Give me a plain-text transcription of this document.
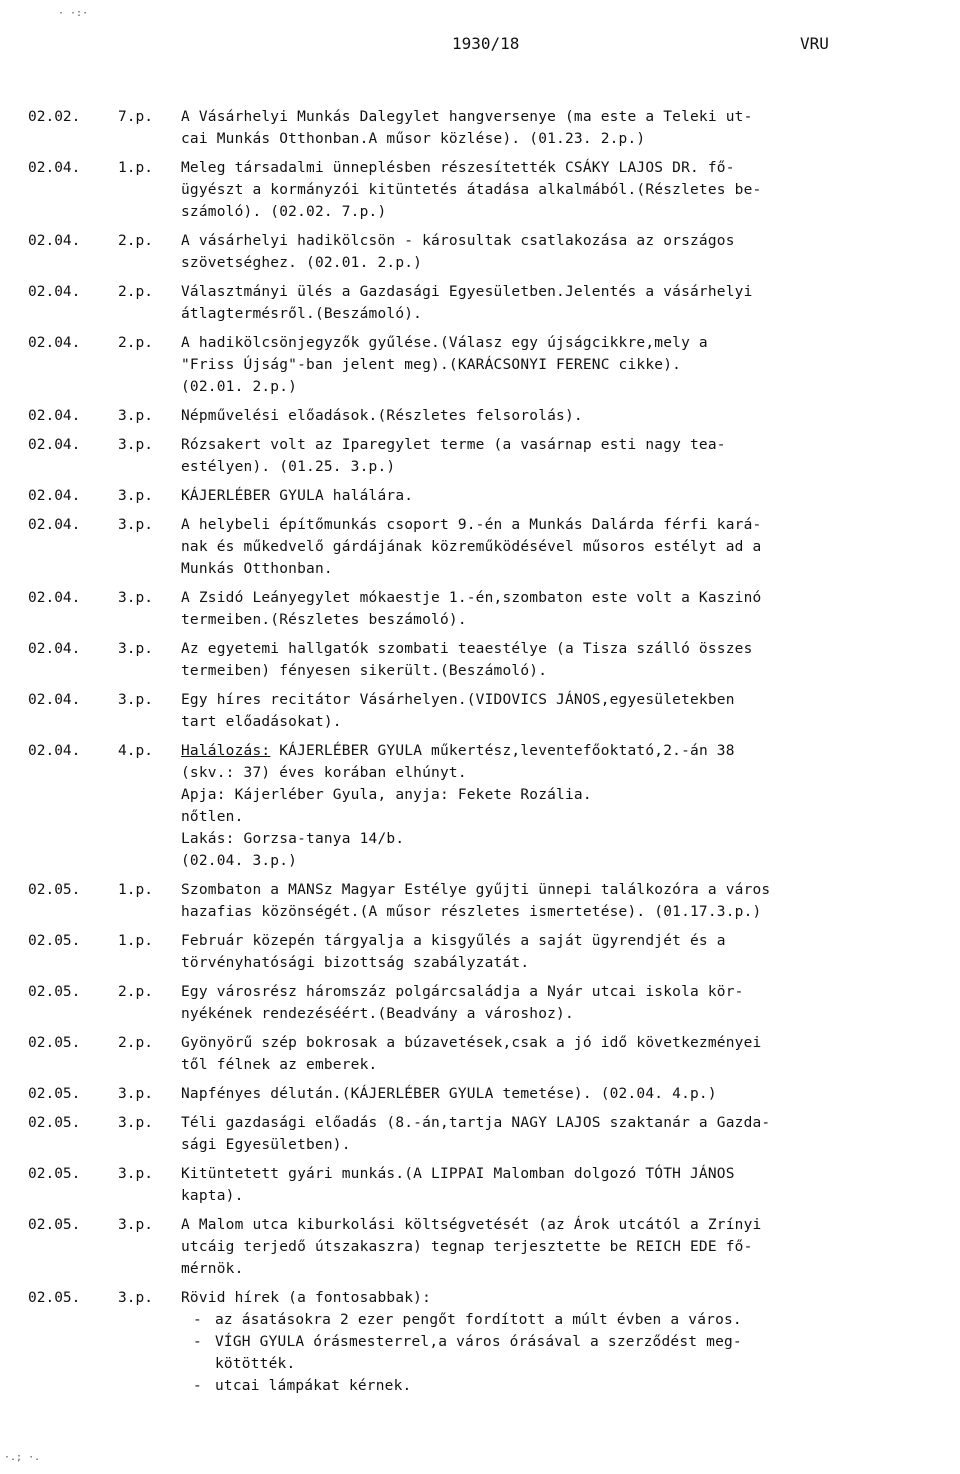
· ·:·
1930/18	VRU
02.02.	7.p.	A Vásárhelyi Munkás Dalegylet hangversenye (ma este a Teleki ut-
cai Munkás Otthonban.A műsor közlése). (01.23. 2.p.)
02.04.	1.p.	Meleg társadalmi ünneplésben részesítették CSÁKY LAJOS DR. fő-
ügyészt a kormányzói kitüntetés átadása alkalmából.(Részletes be-
számoló). (02.02. 7.p.)
02.04.	2.p.	A vásárhelyi hadikölcsön - károsultak csatlakozása az országos
szövetséghez. (02.01. 2.p.)
02.04.	2.p.	Választmányi ülés a Gazdasági Egyesületben.Jelentés a vásárhelyi
átlagtermésről.(Beszámoló).
02.04.	2.p.	A hadikölcsönjegyzők gyűlése.(Válasz egy újságcikkre,mely a
"Friss Újság"-ban jelent meg).(KARÁCSONYI FERENC cikke).
(02.01. 2.p.)
02.04.	3.p.	Népművelési előadások.(Részletes felsorolás).
02.04.	3.p.	Rózsakert volt az Iparegylet terme (a vasárnap esti nagy tea-
estélyen). (01.25. 3.p.)
02.04.	3.p.	KÁJERLÉBER GYULA halálára.
02.04.	3.p.	A helybeli építőmunkás csoport 9.-én a Munkás Dalárda férfi kará-
nak és műkedvelő gárdájának közreműködésével műsoros estélyt ad a
Munkás Otthonban.
02.04.	3.p.	A Zsidó Leányegylet mókaestje 1.-én,szombaton este volt a Kaszinó
termeiben.(Részletes beszámoló).
02.04.	3.p.	Az egyetemi hallgatók szombati teaestélye (a Tisza szálló összes
termeiben) fényesen sikerült.(Beszámoló).
02.04.	3.p.	Egy híres recitátor Vásárhelyen.(VIDOVICS JÁNOS,egyesületekben
tart előadásokat).
02.04.	4.p.	Halálozás: KÁJERLÉBER GYULA műkertész,leventefőoktató,2.-án 38
(skv.: 37) éves korában elhúnyt.
Apja: Kájerléber Gyula, anyja: Fekete Rozália.
nőtlen.
Lakás: Gorzsa-tanya 14/b.
(02.04. 3.p.)
02.05.	1.p.	Szombaton a MANSz Magyar Estélye gyűjti ünnepi találkozóra a város
hazafias közönségét.(A műsor részletes ismertetése). (01.17.3.p.)
02.05.	1.p.	Február közepén tárgyalja a kisgyűlés a saját ügyrendjét és a
törvényhatósági bizottság szabályzatát.
02.05.	2.p.	Egy városrész háromszáz polgárcsaládja a Nyár utcai iskola kör-
nyékének rendezéséért.(Beadvány a városhoz).
02.05.	2.p.	Gyönyörű szép bokrosak a búzavetések,csak a jó idő következményei
től félnek az emberek.
02.05.	3.p.	Napfényes délután.(KÁJERLÉBER GYULA temetése). (02.04. 4.p.)
02.05.	3.p.	Téli gazdasági előadás (8.-án,tartja NAGY LAJOS szaktanár a Gazda-
sági Egyesületben).
02.05.	3.p.	Kitüntetett gyári munkás.(A LIPPAI Malomban dolgozó TÓTH JÁNOS
kapta).
02.05.	3.p.	A Malom utca kiburkolási költségvetését (az Árok utcától a Zrínyi
utcáig terjedő útszakaszra) tegnap terjesztette be REICH EDE fő-
mérnök.
02.05.	3.p.	Rövid hírek (a fontosabbak):
- az ásatásokra 2 ezer pengőt fordított a múlt évben a város.
- VÍGH GYULA órásmesterrel,a város órásával a szerződést meg-
kötötték.
- utcai lámpákat kérnek.
·.; ·.
